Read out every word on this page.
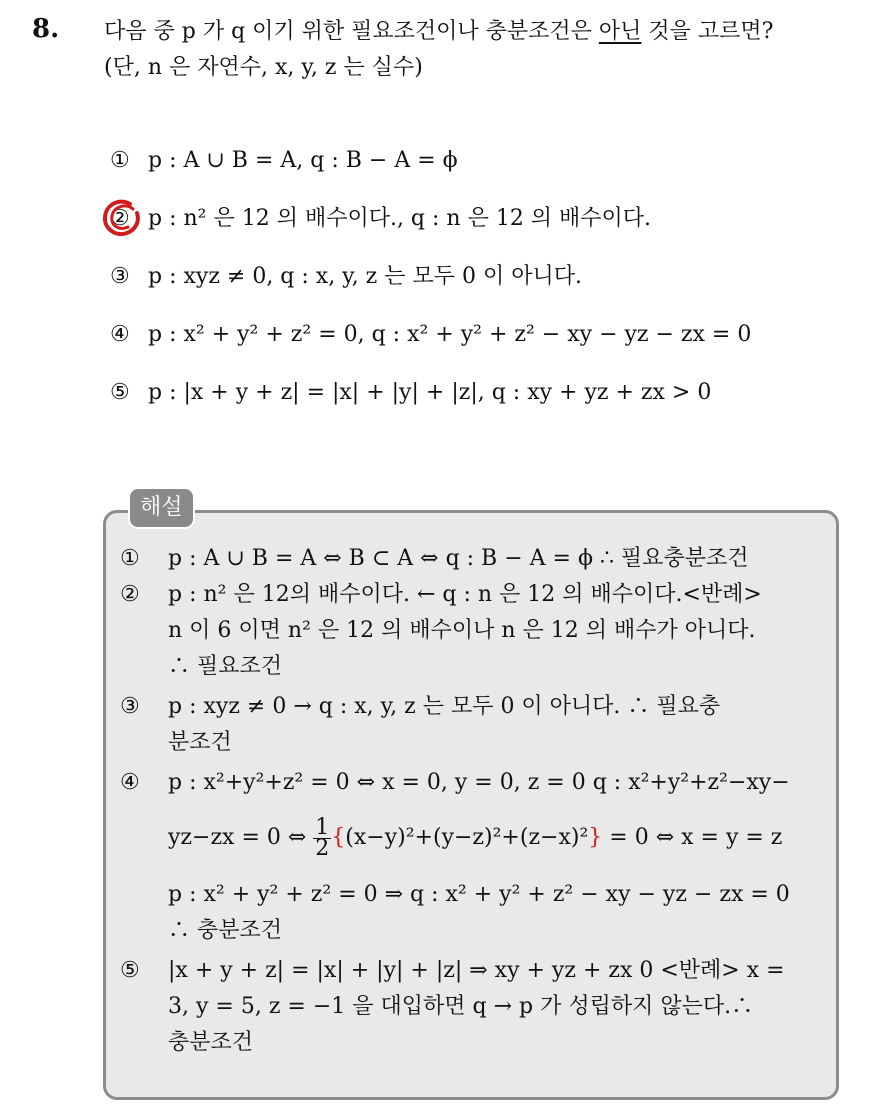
8. 다음 중 p 가 q 이기 위한 필요조건이나 충분조건은 아닌 것을 고르면?
(단, n 은 자연수, x, y, z 는 실수)
① p : A ∪ B = A, q : B − A = ϕ
② p : n² 은 12 의 배수이다., q : n 은 12 의 배수이다.
③ p : xyz ≠ 0, q : x, y, z 는 모두 0 이 아니다.
④ p : x² + y² + z² = 0, q : x² + y² + z² − xy − yz − zx = 0
⑤ p : |x + y + z| = |x| + |y| + |z|, q : xy + yz + zx > 0
해설
① p : A ∪ B = A ⇔ B ⊂ A ⇔ q : B − A = ϕ ∴ 필요충분조건
② p : n² 은 12의 배수이다. ← q : n 은 12 의 배수이다.<반례>
n 이 6 이면 n² 은 12 의 배수이나 n 은 12 의 배수가 아니다.
∴ 필요조건
③ p : xyz ≠ 0 → q : x, y, z 는 모두 0 이 아니다. ∴ 필요충
분조건
④ p : x²+y²+z² = 0 ⇔ x = 0, y = 0, z = 0 q : x²+y²+z²−xy−
yz−zx = 0 ⇔ $\frac{1}{2} \{(x-y)^2+(y-z)^2+(z-x)^2\} = 0$ ⇔ x = y = z
p : x² + y² + z² = 0 ⇒ q : x² + y² + z² − xy − yz − zx = 0
∴ 충분조건
⑤ |x + y + z| = |x| + |y| + |z| ⇒ xy + yz + zx 0 <반례> x =
3, y = 5, z = −1 을 대입하면 q → p 가 성립하지 않는다.∴
충분조건
